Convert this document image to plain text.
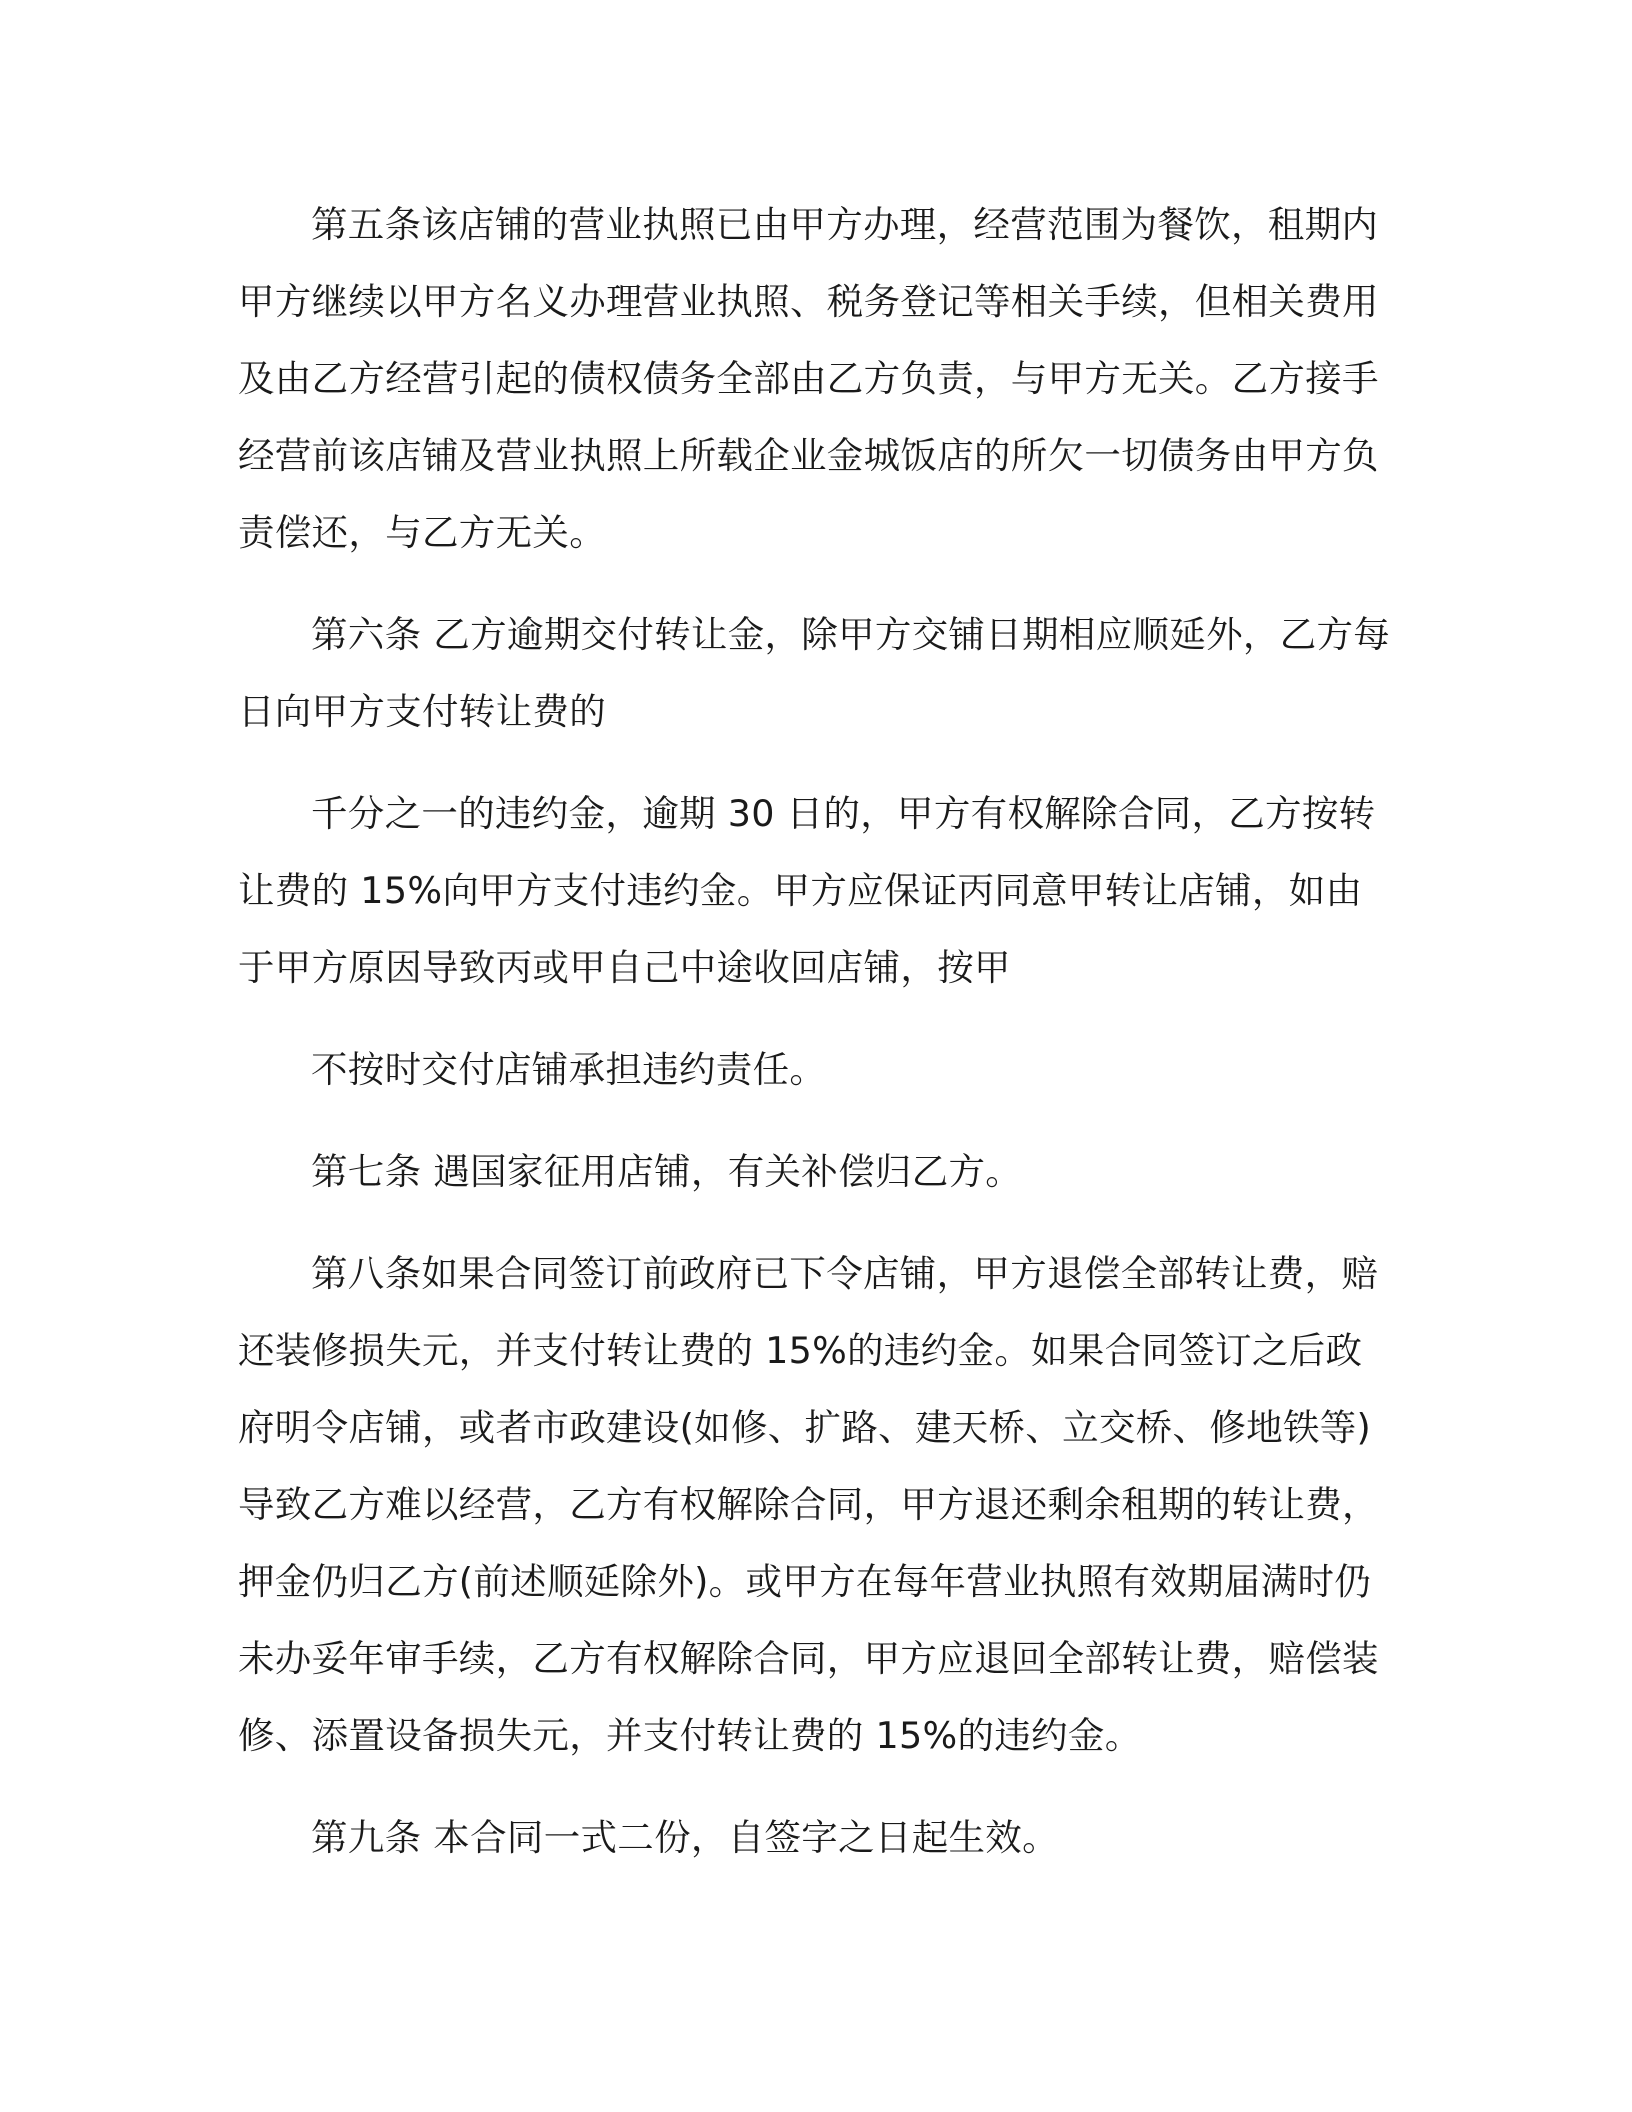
第五条该店铺的营业执照已由甲方办理，经营范围为餐饮，租期内甲方继续以甲方名义办理营业执照、税务登记等相关手续，但相关费用及由乙方经营引起的债权债务全部由乙方负责，与甲方无关。乙方接手经营前该店铺及营业执照上所载企业金城饭店的所欠一切债务由甲方负责偿还，与乙方无关。

第六条 乙方逾期交付转让金，除甲方交铺日期相应顺延外，乙方每日向甲方支付转让费的

千分之一的违约金，逾期 30 日的，甲方有权解除合同，乙方按转让费的 15%向甲方支付违约金。甲方应保证丙同意甲转让店铺，如由于甲方原因导致丙或甲自己中途收回店铺，按甲

不按时交付店铺承担违约责任。

第七条 遇国家征用店铺，有关补偿归乙方。

第八条如果合同签订前政府已下令店铺，甲方退偿全部转让费，赔还装修损失元，并支付转让费的 15%的违约金。如果合同签订之后政府明令店铺，或者市政建设(如修、扩路、建天桥、立交桥、修地铁等)导致乙方难以经营，乙方有权解除合同，甲方退还剩余租期的转让费，押金仍归乙方(前述顺延除外)。或甲方在每年营业执照有效期届满时仍未办妥年审手续，乙方有权解除合同，甲方应退回全部转让费，赔偿装修、添置设备损失元，并支付转让费的 15%的违约金。

第九条 本合同一式二份，自签字之日起生效。
